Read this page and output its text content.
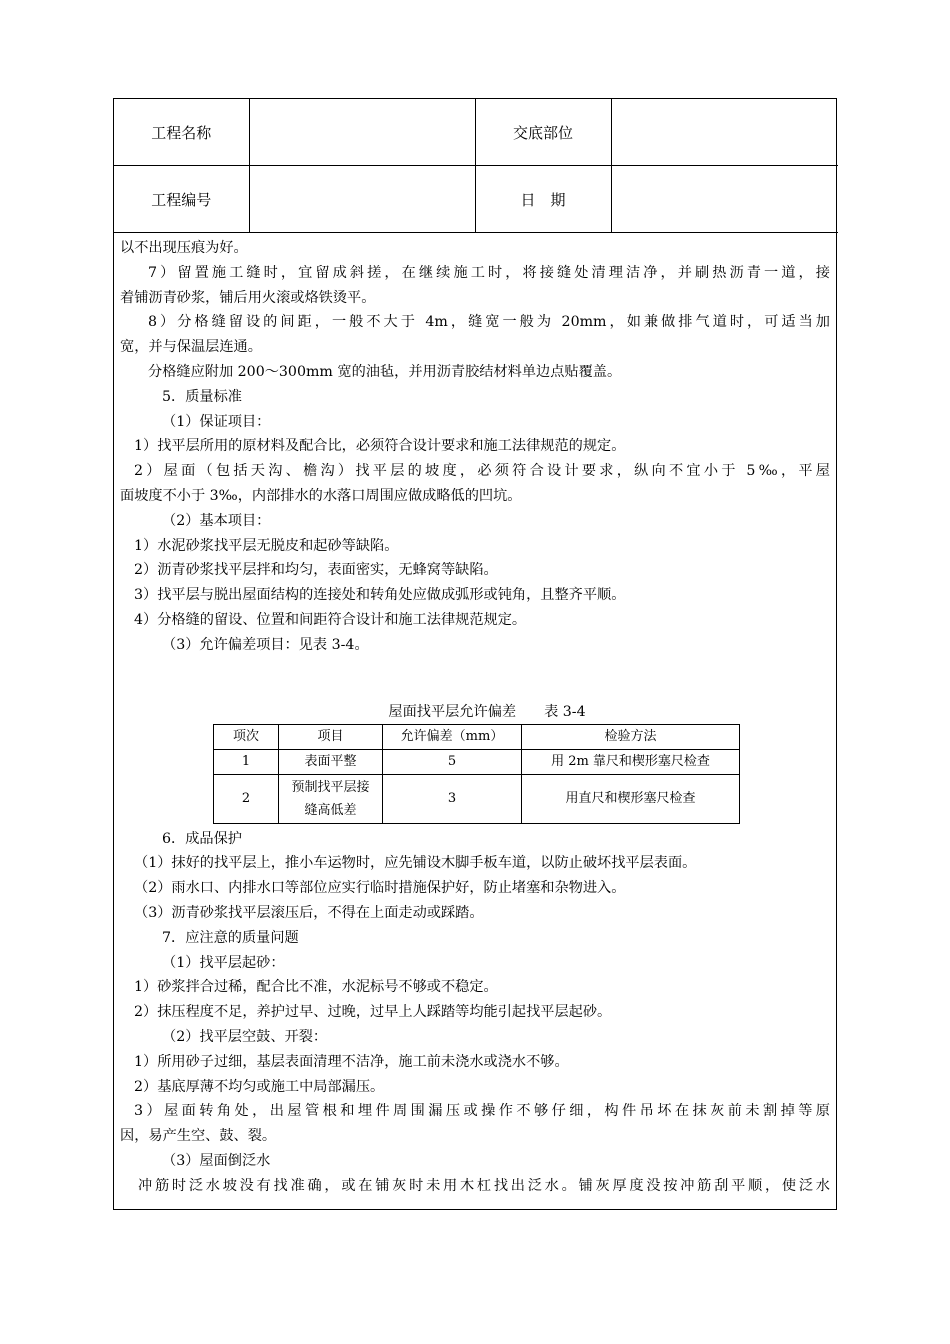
工程名称		交底部位	
工程编号		日　期	
以不出现压痕为好。
7）留置施工缝时，宜留成斜搓，在继续施工时，将接缝处清理洁净，并刷热沥青一道，接
着铺沥青砂浆，铺后用火滚或烙铁烫平。
8）分格缝留设的间距，一般不大于 4m，缝宽一般为 20mm，如兼做排气道时，可适当加
宽，并与保温层连通。
分格缝应附加 200～300mm 宽的油毡，并用沥青胶结材料单边点贴覆盖。
5．质量标准
（1）保证项目：
1）找平层所用的原材料及配合比，必须符合设计要求和施工法律规范的规定。
2）屋面（包括天沟、檐沟）找平层的坡度，必须符合设计要求，纵向不宜小于 5‰，平屋
面坡度不小于 3‰，内部排水的水落口周围应做成略低的凹坑。
（2）基本项目：
1）水泥砂浆找平层无脱皮和起砂等缺陷。
2）沥青砂浆找平层拌和均匀，表面密实，无蜂窝等缺陷。
3）找平层与脱出屋面结构的连接处和转角处应做成弧形或钝角，且整齐平顺。
4）分格缝的留设、位置和间距符合设计和施工法律规范规定。
（3）允许偏差项目：见表 3-4。
屋面找平层允许偏差 表 3-4
项次	项目	允许偏差（mm）	检验方法
1	表面平整	5	用 2m 靠尺和楔形塞尺检查
2	预制找平层接
缝高低差	3	用直尺和楔形塞尺检查
6．成品保护
（1）抹好的找平层上，推小车运物时，应先铺设木脚手板车道，以防止破坏找平层表面。
（2）雨水口、内排水口等部位应实行临时措施保护好，防止堵塞和杂物进入。
（3）沥青砂浆找平层滚压后，不得在上面走动或踩踏。
7．应注意的质量问题
（1）找平层起砂：
1）砂浆拌合过稀，配合比不准，水泥标号不够或不稳定。
2）抹压程度不足，养护过早、过晚，过早上人踩踏等均能引起找平层起砂。
（2）找平层空鼓、开裂：
1）所用砂子过细，基层表面清理不洁净，施工前未浇水或浇水不够。
2）基底厚薄不均匀或施工中局部漏压。
3）屋面转角处，出屋管根和埋件周围漏压或操作不够仔细，构件吊坏在抹灰前未割掉等原
因，易产生空、鼓、裂。
（3）屋面倒泛水
冲筋时泛水坡没有找准确，或在铺灰时未用木杠找出泛水。铺灰厚度没按冲筋刮平顺，使泛水
